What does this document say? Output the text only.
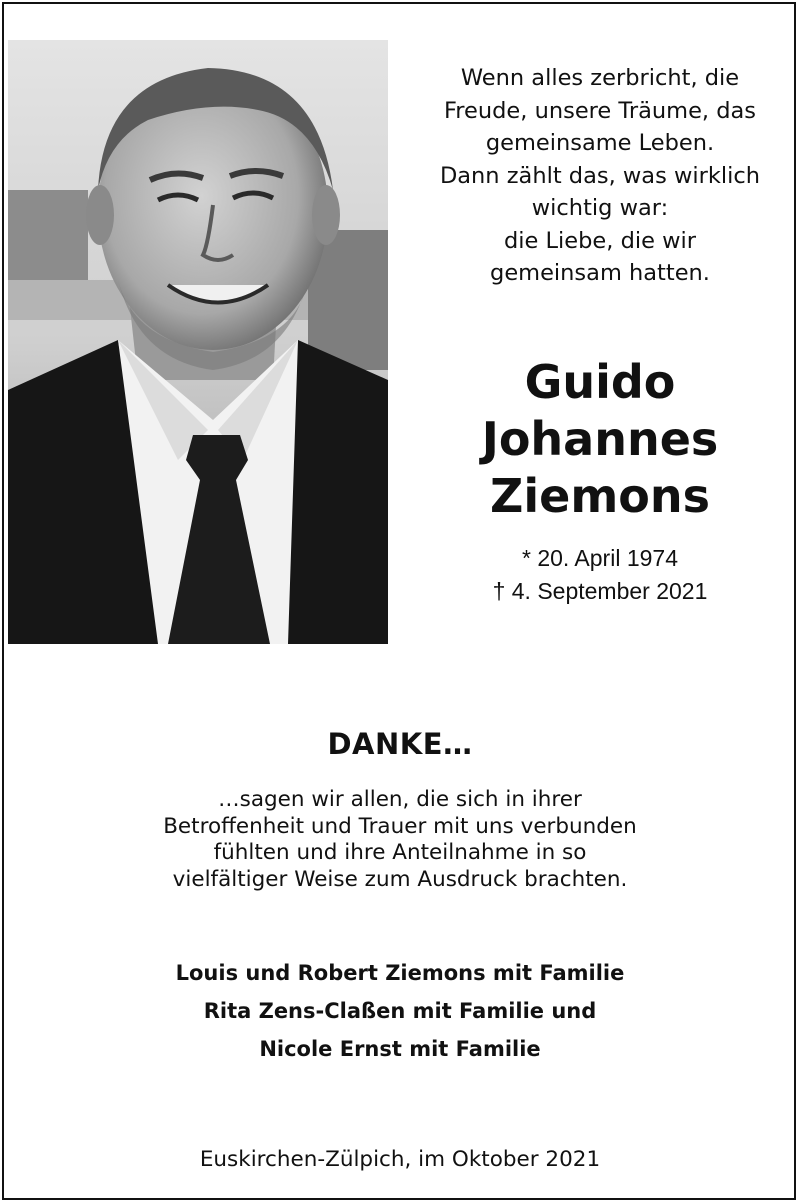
Wenn alles zerbricht, die
Freude, unsere Träume, das
gemeinsame Leben.
Dann zählt das, was wirklich
wichtig war:
die Liebe, die wir
gemeinsam hatten.
Guido
Johannes
Ziemons
* 20. April 1974
† 4. September 2021
DANKE…
…sagen wir allen, die sich in ihrer
Betroffenheit und Trauer mit uns verbunden
fühlten und ihre Anteilnahme in so
vielfältiger Weise zum Ausdruck brachten.
Louis und Robert Ziemons mit Familie
Rita Zens-Claßen mit Familie und
Nicole Ernst mit Familie
Euskirchen-Zülpich, im Oktober 2021
